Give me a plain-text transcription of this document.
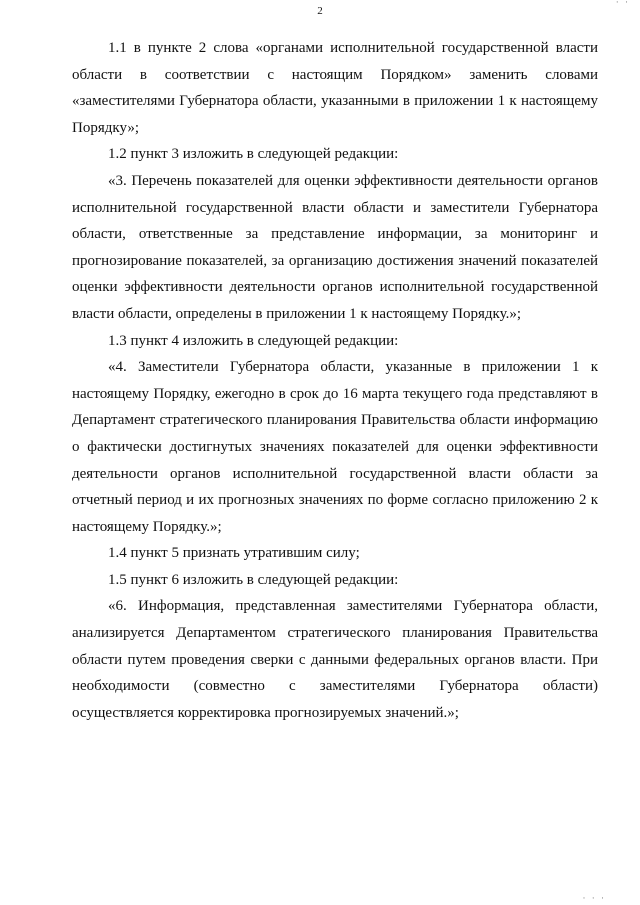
· ·
2

1.1 в пункте 2 слова «органами исполнительной государственной власти области в соответствии с настоящим Порядком» заменить словами «заместителями Губернатора области, указанными в приложении 1 к настоящему Порядку»;

1.2 пункт 3 изложить в следующей редакции:

«3. Перечень показателей для оценки эффективности деятельности органов исполнительной государственной власти области и заместители Губернатора области, ответственные за представление информации, за мониторинг и прогнозирование показателей, за организацию достижения значений показателей оценки эффективности деятельности органов исполнительной государственной власти области, определены в приложении 1 к настоящему Порядку.»;

1.3 пункт 4 изложить в следующей редакции:

«4. Заместители Губернатора области, указанные в приложении 1 к настоящему Порядку, ежегодно в срок до 16 марта текущего года представляют в Департамент стратегического планирования Правительства области информацию о фактически достигнутых значениях показателей для оценки эффективности деятельности органов исполнительной государственной власти области за отчетный период и их прогнозных значениях по форме согласно приложению 2 к настоящему Порядку.»;

1.4 пункт 5 признать утратившим силу;

1.5 пункт 6 изложить в следующей редакции:

«6. Информация, представленная заместителями Губернатора области, анализируется Департаментом стратегического планирования Правительства области путем проведения сверки с данными федеральных органов власти. При необходимости (совместно с заместителями Губернатора области) осуществляется корректировка прогнозируемых значений.»;

· · ·
